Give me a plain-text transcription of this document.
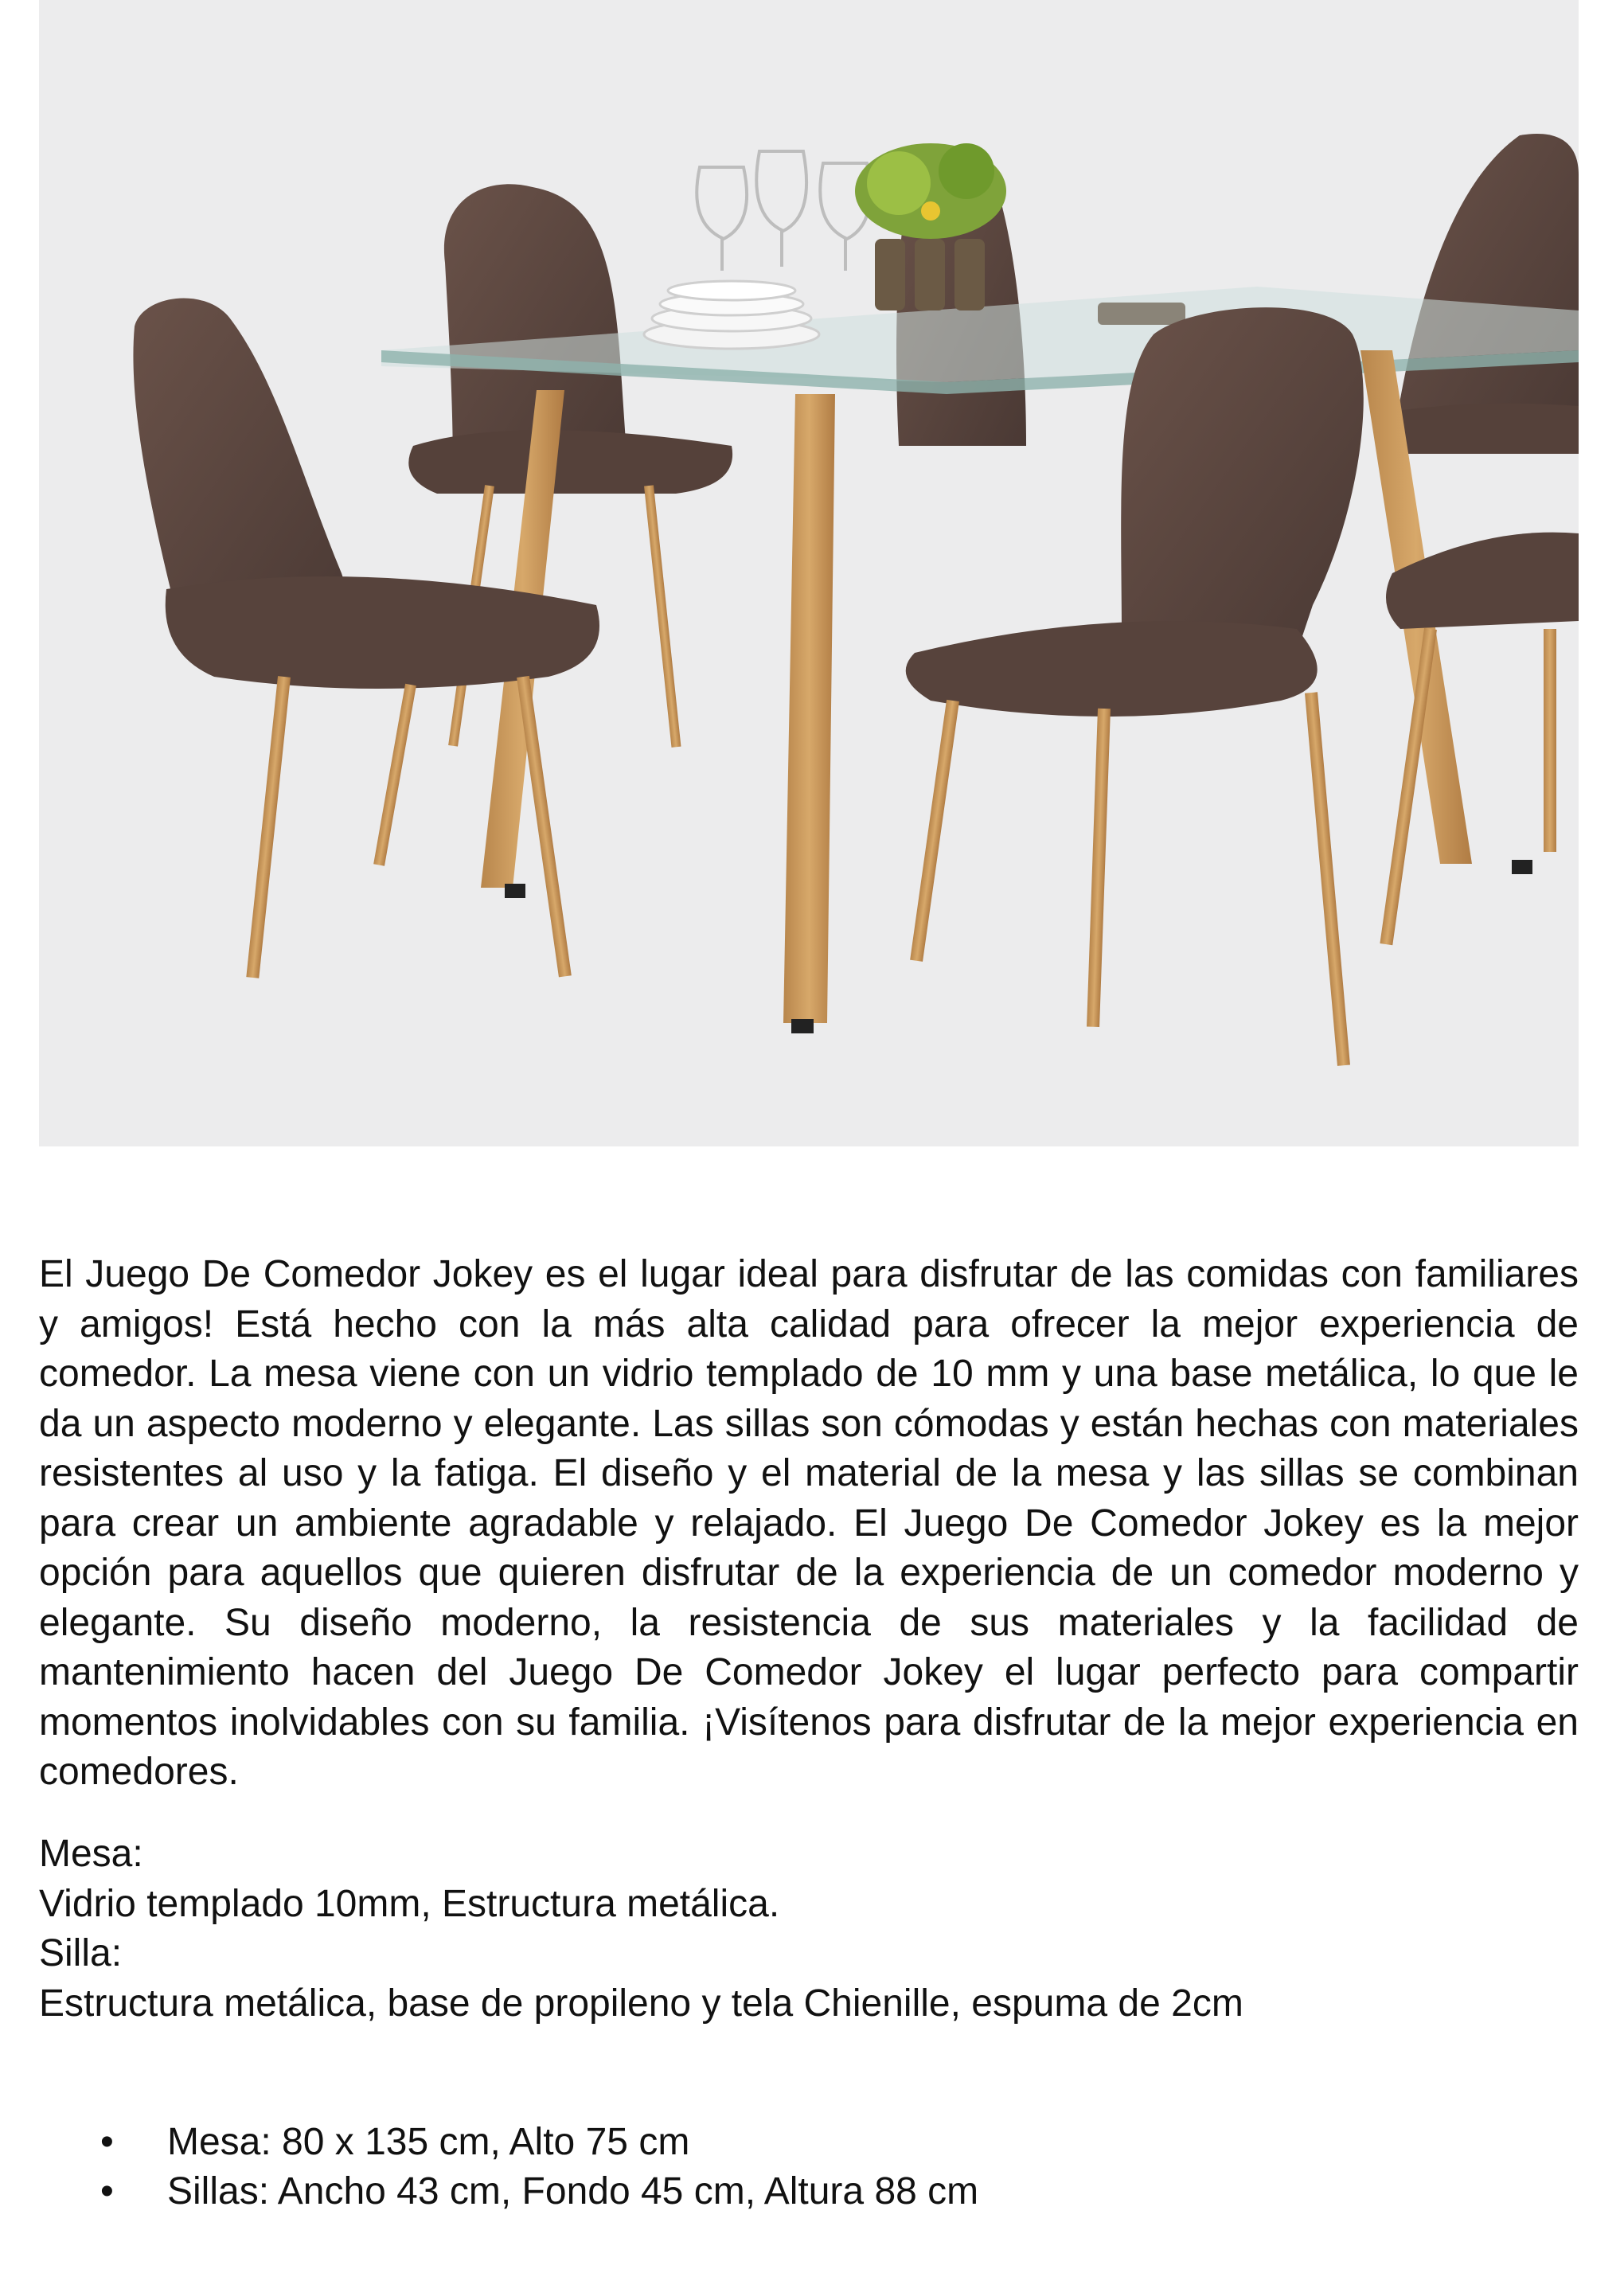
El Juego De Comedor Jokey es el lugar ideal para disfrutar de las comidas con familiares y amigos! Está hecho con la más alta calidad para ofrecer la mejor experiencia de comedor. La mesa viene con un vidrio templado de 10 mm y una base metálica, lo que le da un aspecto moderno y elegante. Las sillas son cómodas y están hechas con materiales resistentes al uso y la fatiga. El diseño y el material de la mesa y las sillas se combinan para crear un ambiente agradable y relajado. El Juego De Comedor Jokey es la mejor opción para aquellos que quieren disfrutar de la experiencia de un comedor moderno y elegante. Su diseño moderno, la resistencia de sus materiales y la facilidad de mantenimiento hacen del Juego De Comedor Jokey el lugar perfecto para compartir momentos inolvidables con su familia. ¡Visítenos para disfrutar de la mejor experiencia en comedores.

Mesa:
Vidrio templado 10mm, Estructura metálica.
Silla:
Estructura metálica, base de propileno y tela Chienille, espuma de 2cm
• Mesa: 80 x 135 cm, Alto 75 cm
• Sillas: Ancho 43 cm, Fondo 45 cm, Altura 88 cm
